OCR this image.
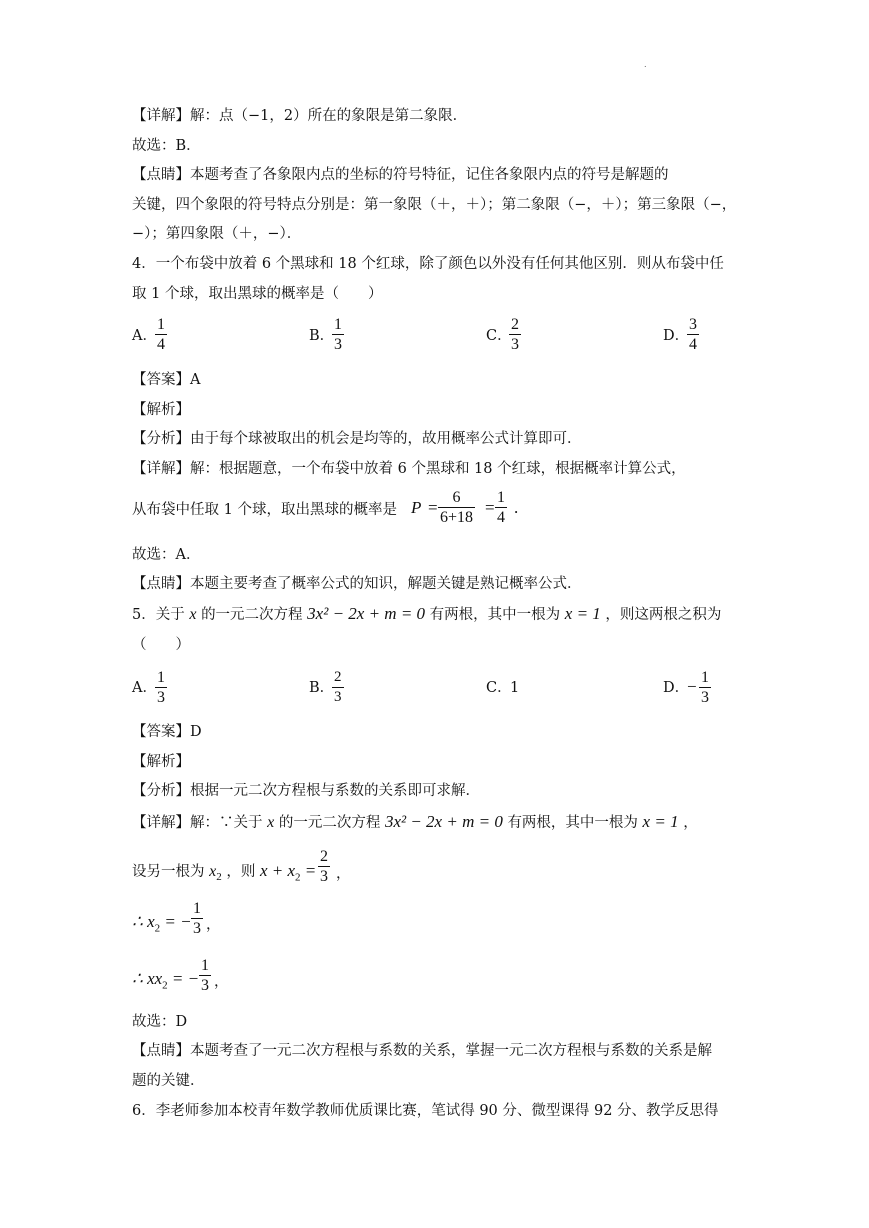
.
【详解】解：点（−1，2）所在的象限是第二象限．
故选：B．
【点睛】本题考查了各象限内点的坐标的符号特征，记住各象限内点的符号是解题的
关键，四个象限的符号特点分别是：第一象限（＋，＋）；第二象限（−，＋）；第三象限（−，
−）；第四象限（＋，−）．
4．一个布袋中放着 6 个黑球和 18 个红球，除了颜色以外没有任何其他区别．则从布袋中任
取 1 个球，取出黑球的概率是（　　）
A．
1
4	B．
1
3	C．
2
3	D．
3
4
【答案】A
【解析】
【分析】由于每个球被取出的机会是均等的，故用概率公式计算即可．
【详解】解：根据题意，一个布袋中放着 6 个黑球和 18 个红球，根据概率计算公式，
从布袋中任取 1 个球，取出黑球的概率是 P =
6
6+18
=
1
4
.
故选：A．
【点睛】本题主要考查了概率公式的知识，解题关键是熟记概率公式．
5．关于 x 的一元二次方程 3x² − 2x + m = 0 有两根，其中一根为 x = 1 ，则这两根之积为
（　　）
A．
1
3
B．
2
3
C．
1	D．
− 1
3
【答案】D
【解析】
【分析】根据一元二次方程根与系数的关系即可求解．
【详解】解：∵关于 x 的一元二次方程 3x² − 2x + m = 0 有两根，其中一根为 x = 1 ，
设另一根为 $x_2$ ，则 $x + x_2$ =
2
3 ，
∴ $x_2$ = −
1
3 ，
∴ $xx_2$ = −
1
3 ，
故选：D
【点睛】本题考查了一元二次方程根与系数的关系，掌握一元二次方程根与系数的关系是解
题的关键．
6．李老师参加本校青年数学教师优质课比赛，笔试得 90 分、微型课得 92 分、教学反思得
